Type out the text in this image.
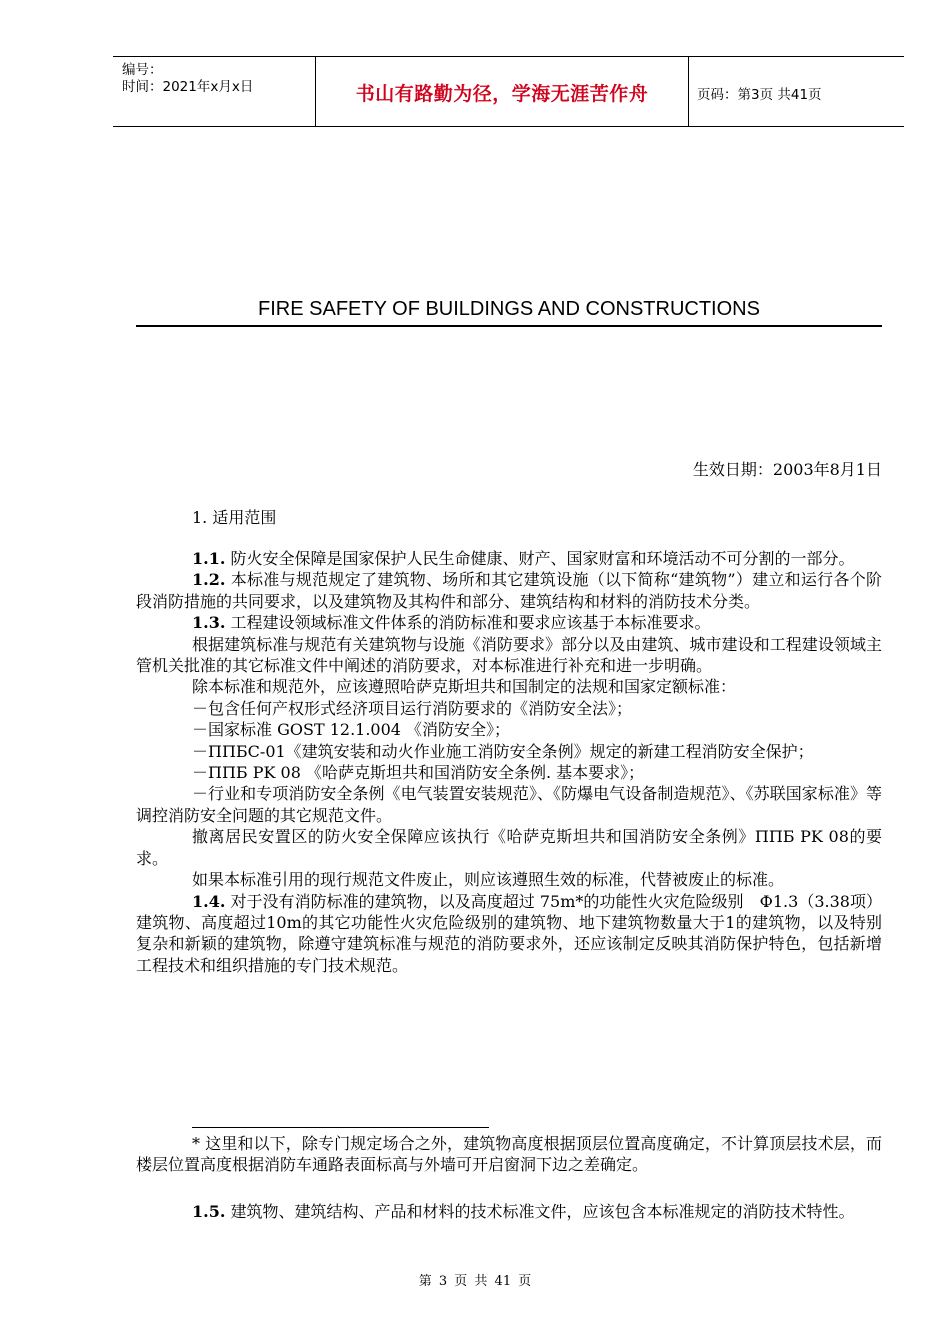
编号：
时间：2021年x月x日	书山有路勤为径，学海无涯苦作舟	页码：第3页 共41页
FIRE SAFETY OF BUILDINGS AND CONSTRUCTIONS
生效日期：2003年8月1日
1. 适用范围

1.1. 防火安全保障是国家保护人民生命健康、财产、国家财富和环境活动不可分割的一部分。

1.2. 本标准与规范规定了建筑物、场所和其它建筑设施（以下简称“建筑物”）建立和运行各个阶段消防措施的共同要求，以及建筑物及其构件和部分、建筑结构和材料的消防技术分类。

1.3. 工程建设领域标准文件体系的消防标准和要求应该基于本标准要求。

根据建筑标准与规范有关建筑物与设施《消防要求》部分以及由建筑、城市建设和工程建设领域主管机关批准的其它标准文件中阐述的消防要求，对本标准进行补充和进一步明确。

除本标准和规范外，应该遵照哈萨克斯坦共和国制定的法规和国家定额标准：

－包含任何产权形式经济项目运行消防要求的《消防安全法》；

－国家标准 GOST 12.1.004 《消防安全》；

－ППБС-01《建筑安装和动火作业施工消防安全条例》规定的新建工程消防安全保护；

－ППБ PK 08 《哈萨克斯坦共和国消防安全条例. 基本要求》；

－行业和专项消防安全条例《电气装置安装规范》、《防爆电气设备制造规范》、《苏联国家标准》等调控消防安全问题的其它规范文件。

撤离居民安置区的防火安全保障应该执行《哈萨克斯坦共和国消防安全条例》ППБ PK 08的要求。

如果本标准引用的现行规范文件废止，则应该遵照生效的标准，代替被废止的标准。

1.4. 对于没有消防标准的建筑物，以及高度超过 75m*的功能性火灾危险级别　Ф1.3（3.38项）建筑物、高度超过10m的其它功能性火灾危险级别的建筑物、地下建筑物数量大于1的建筑物，以及特别复杂和新颖的建筑物，除遵守建筑标准与规范的消防要求外，还应该制定反映其消防保护特色，包括新增工程技术和组织措施的专门技术规范。

* 这里和以下，除专门规定场合之外，建筑物高度根据顶层位置高度确定，不计算顶层技术层，而楼层位置高度根据消防车通路表面标高与外墙可开启窗洞下边之差确定。

1.5. 建筑物、建筑结构、产品和材料的技术标准文件，应该包含本标准规定的消防技术特性。

第 3 页 共 41 页
